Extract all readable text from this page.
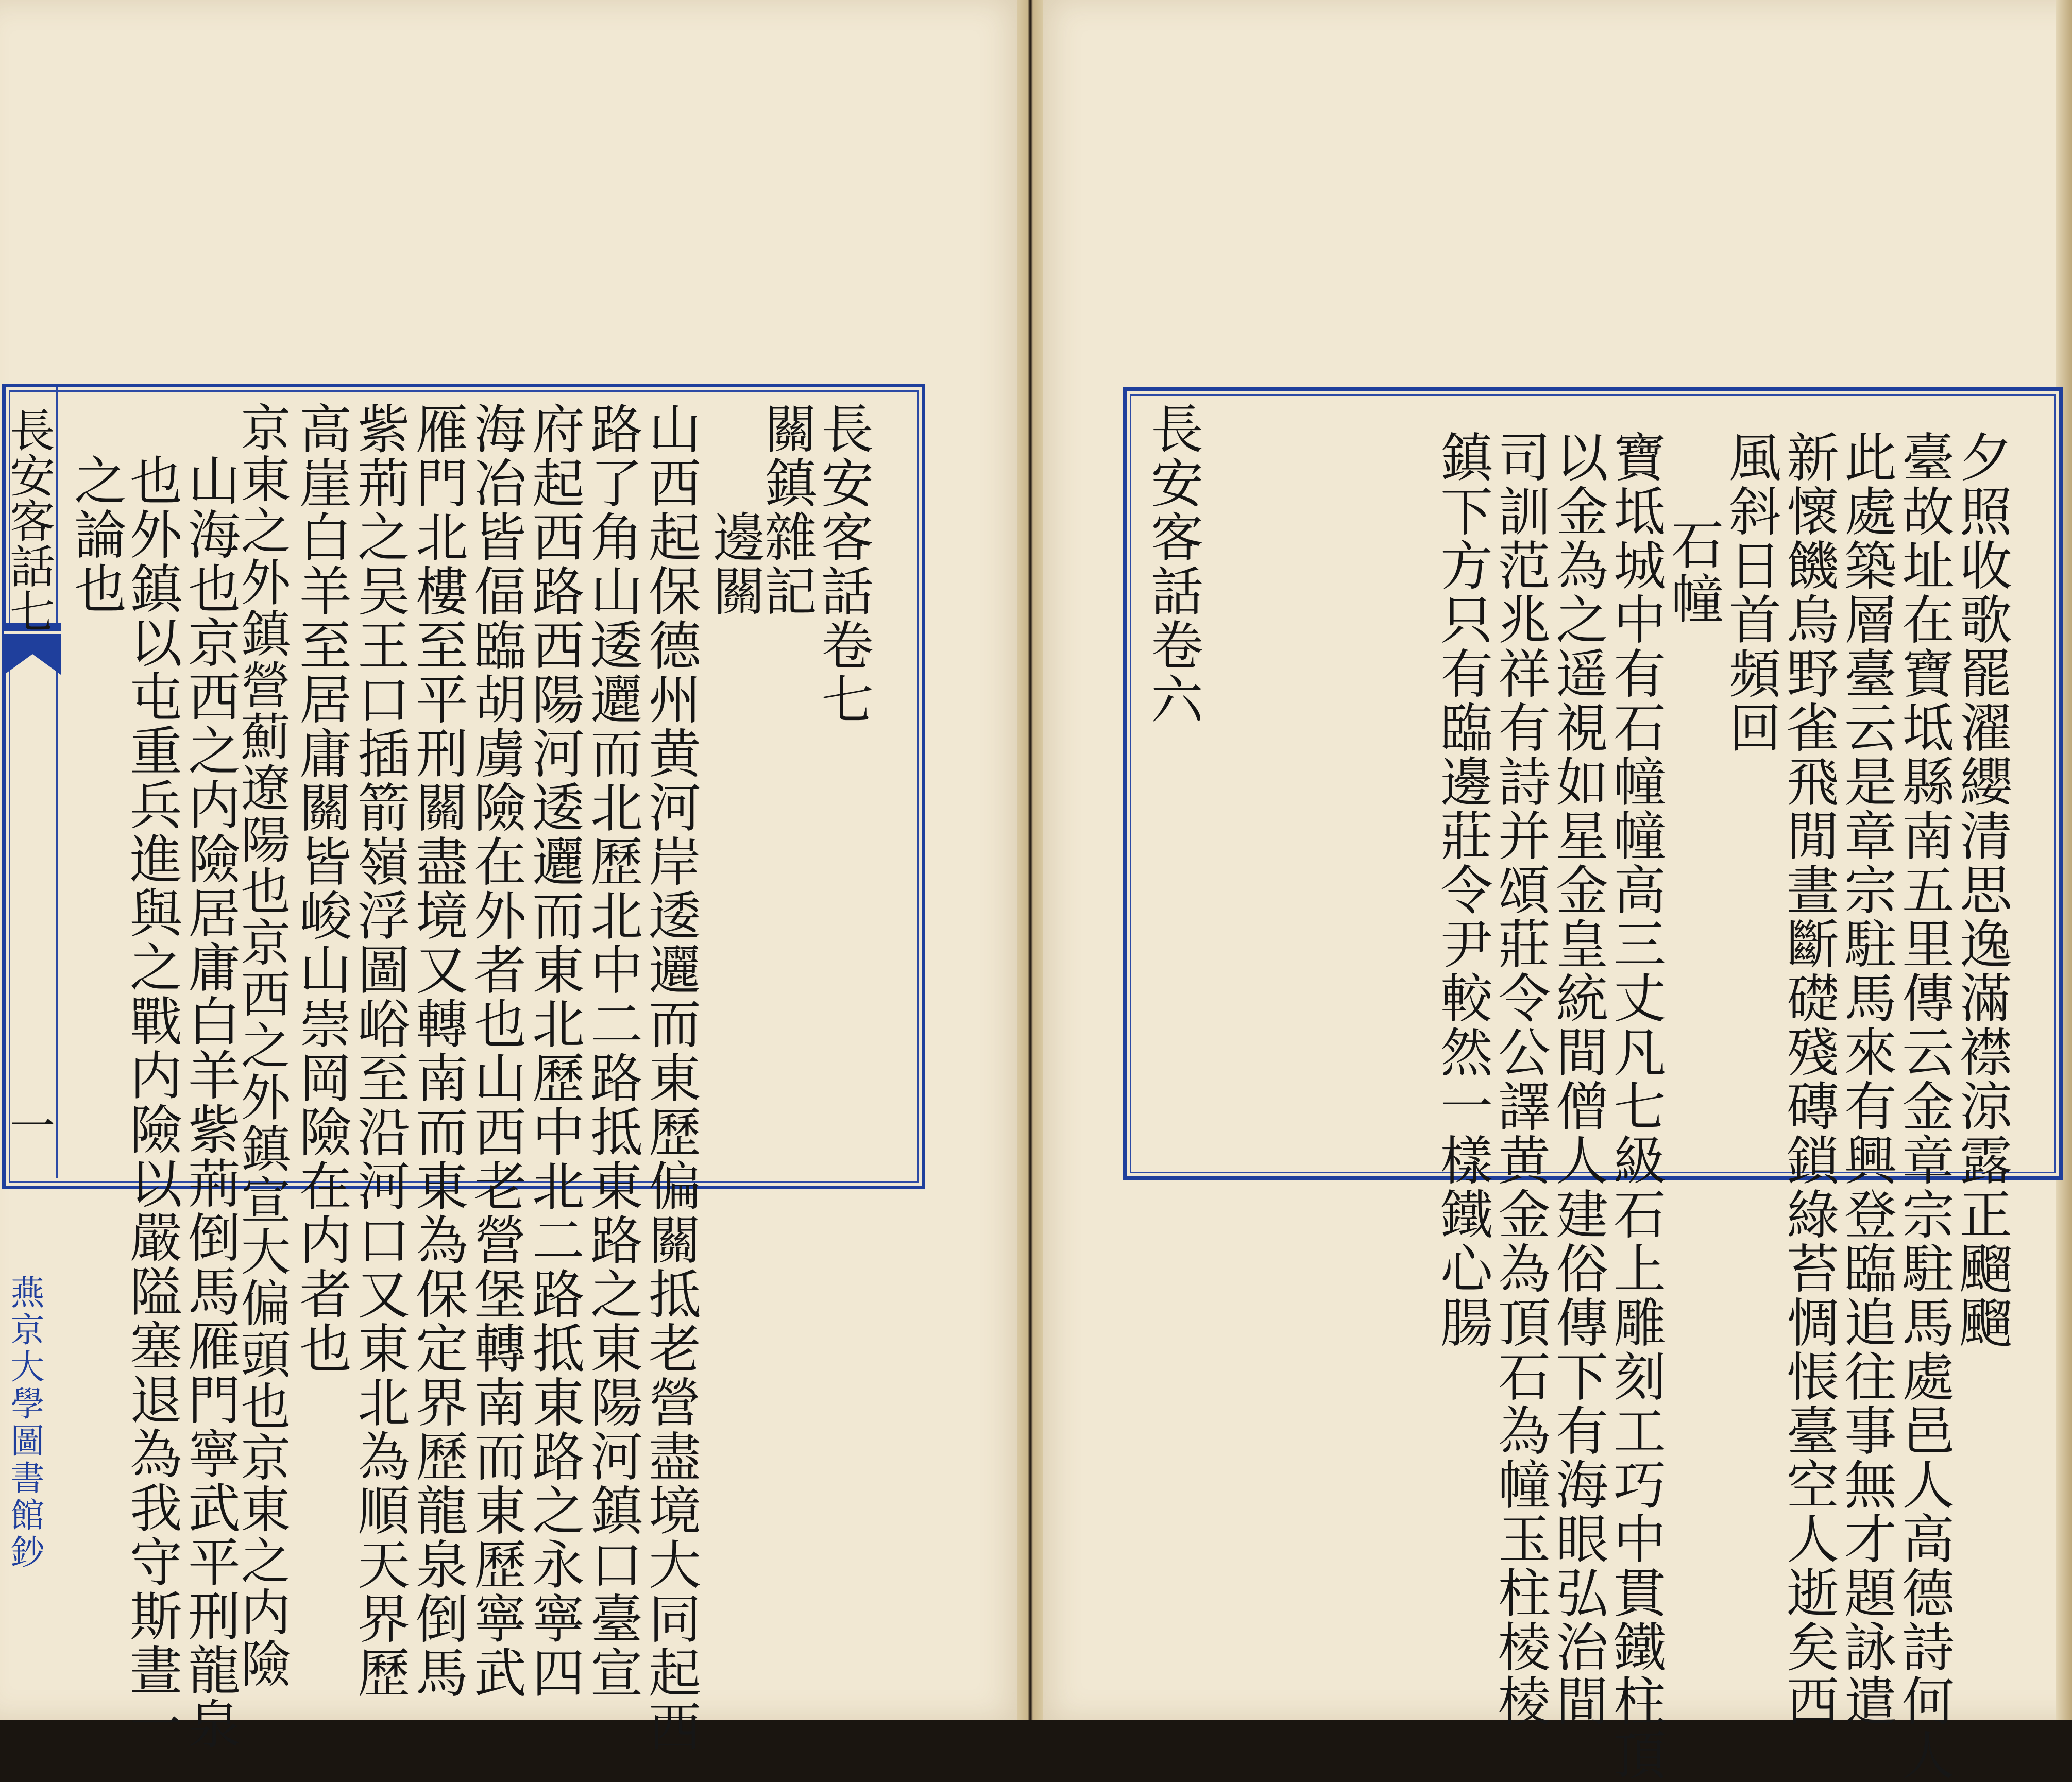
長安客話七
一
燕京大學圖書館鈔
長安客話卷七
關鎮雜記
邊關
山西起保德州黄河岸逶邐而東歷偏關抵老營盡境大同起西
路了角山逶邐而北歷北中二路抵東路之東陽河鎮口臺宣
府起西路西陽河逶邐而東北歷中北二路抵東路之永寧四
海冶皆偪臨胡虜險在外者也山西老營堡轉南而東歷寧武
雁門北樓至平刑關盡境又轉南而東為保定界歷龍泉倒馬
紫荊之吴王口插箭嶺浮圖峪至沿河口又東北為順天界歷
高崖白羊至居庸關皆峻山崇岡險在内者也
京東之外鎮營薊遼陽也京西之外鎮宣大偏頭也京東之内險
山海也京西之内險居庸白羊紫荊倒馬雁門寧武平刑龍泉
也外鎮以屯重兵進與之戰内險以嚴隘塞退為我守斯晝一
之論也	夕照收歌罷濯纓清思逸滿襟涼露正飀飀
臺故址在寶坻縣南五里傳云金章宗駐馬處邑人高德詩何人
此處築層臺云是章宗駐馬來有興登臨追往事無才題詠遣
新懷饑烏野雀飛閒晝斷礎殘磚鎖綠苔惆悵臺空人逝矣西
風斜日首頻回
石幢
寶坻城中有石幢幢高三丈凡七級石上雕刻工巧中貫鐵柱頂
以金為之遥視如星金皇統間僧人建俗傳下有海眼弘治間
司訓范兆祥有詩并頌莊令公譯黄金為頂石為幢玉柱棱棱
鎮下方只有臨邊莊令尹較然一樣鐵心腸
長安客話卷六
